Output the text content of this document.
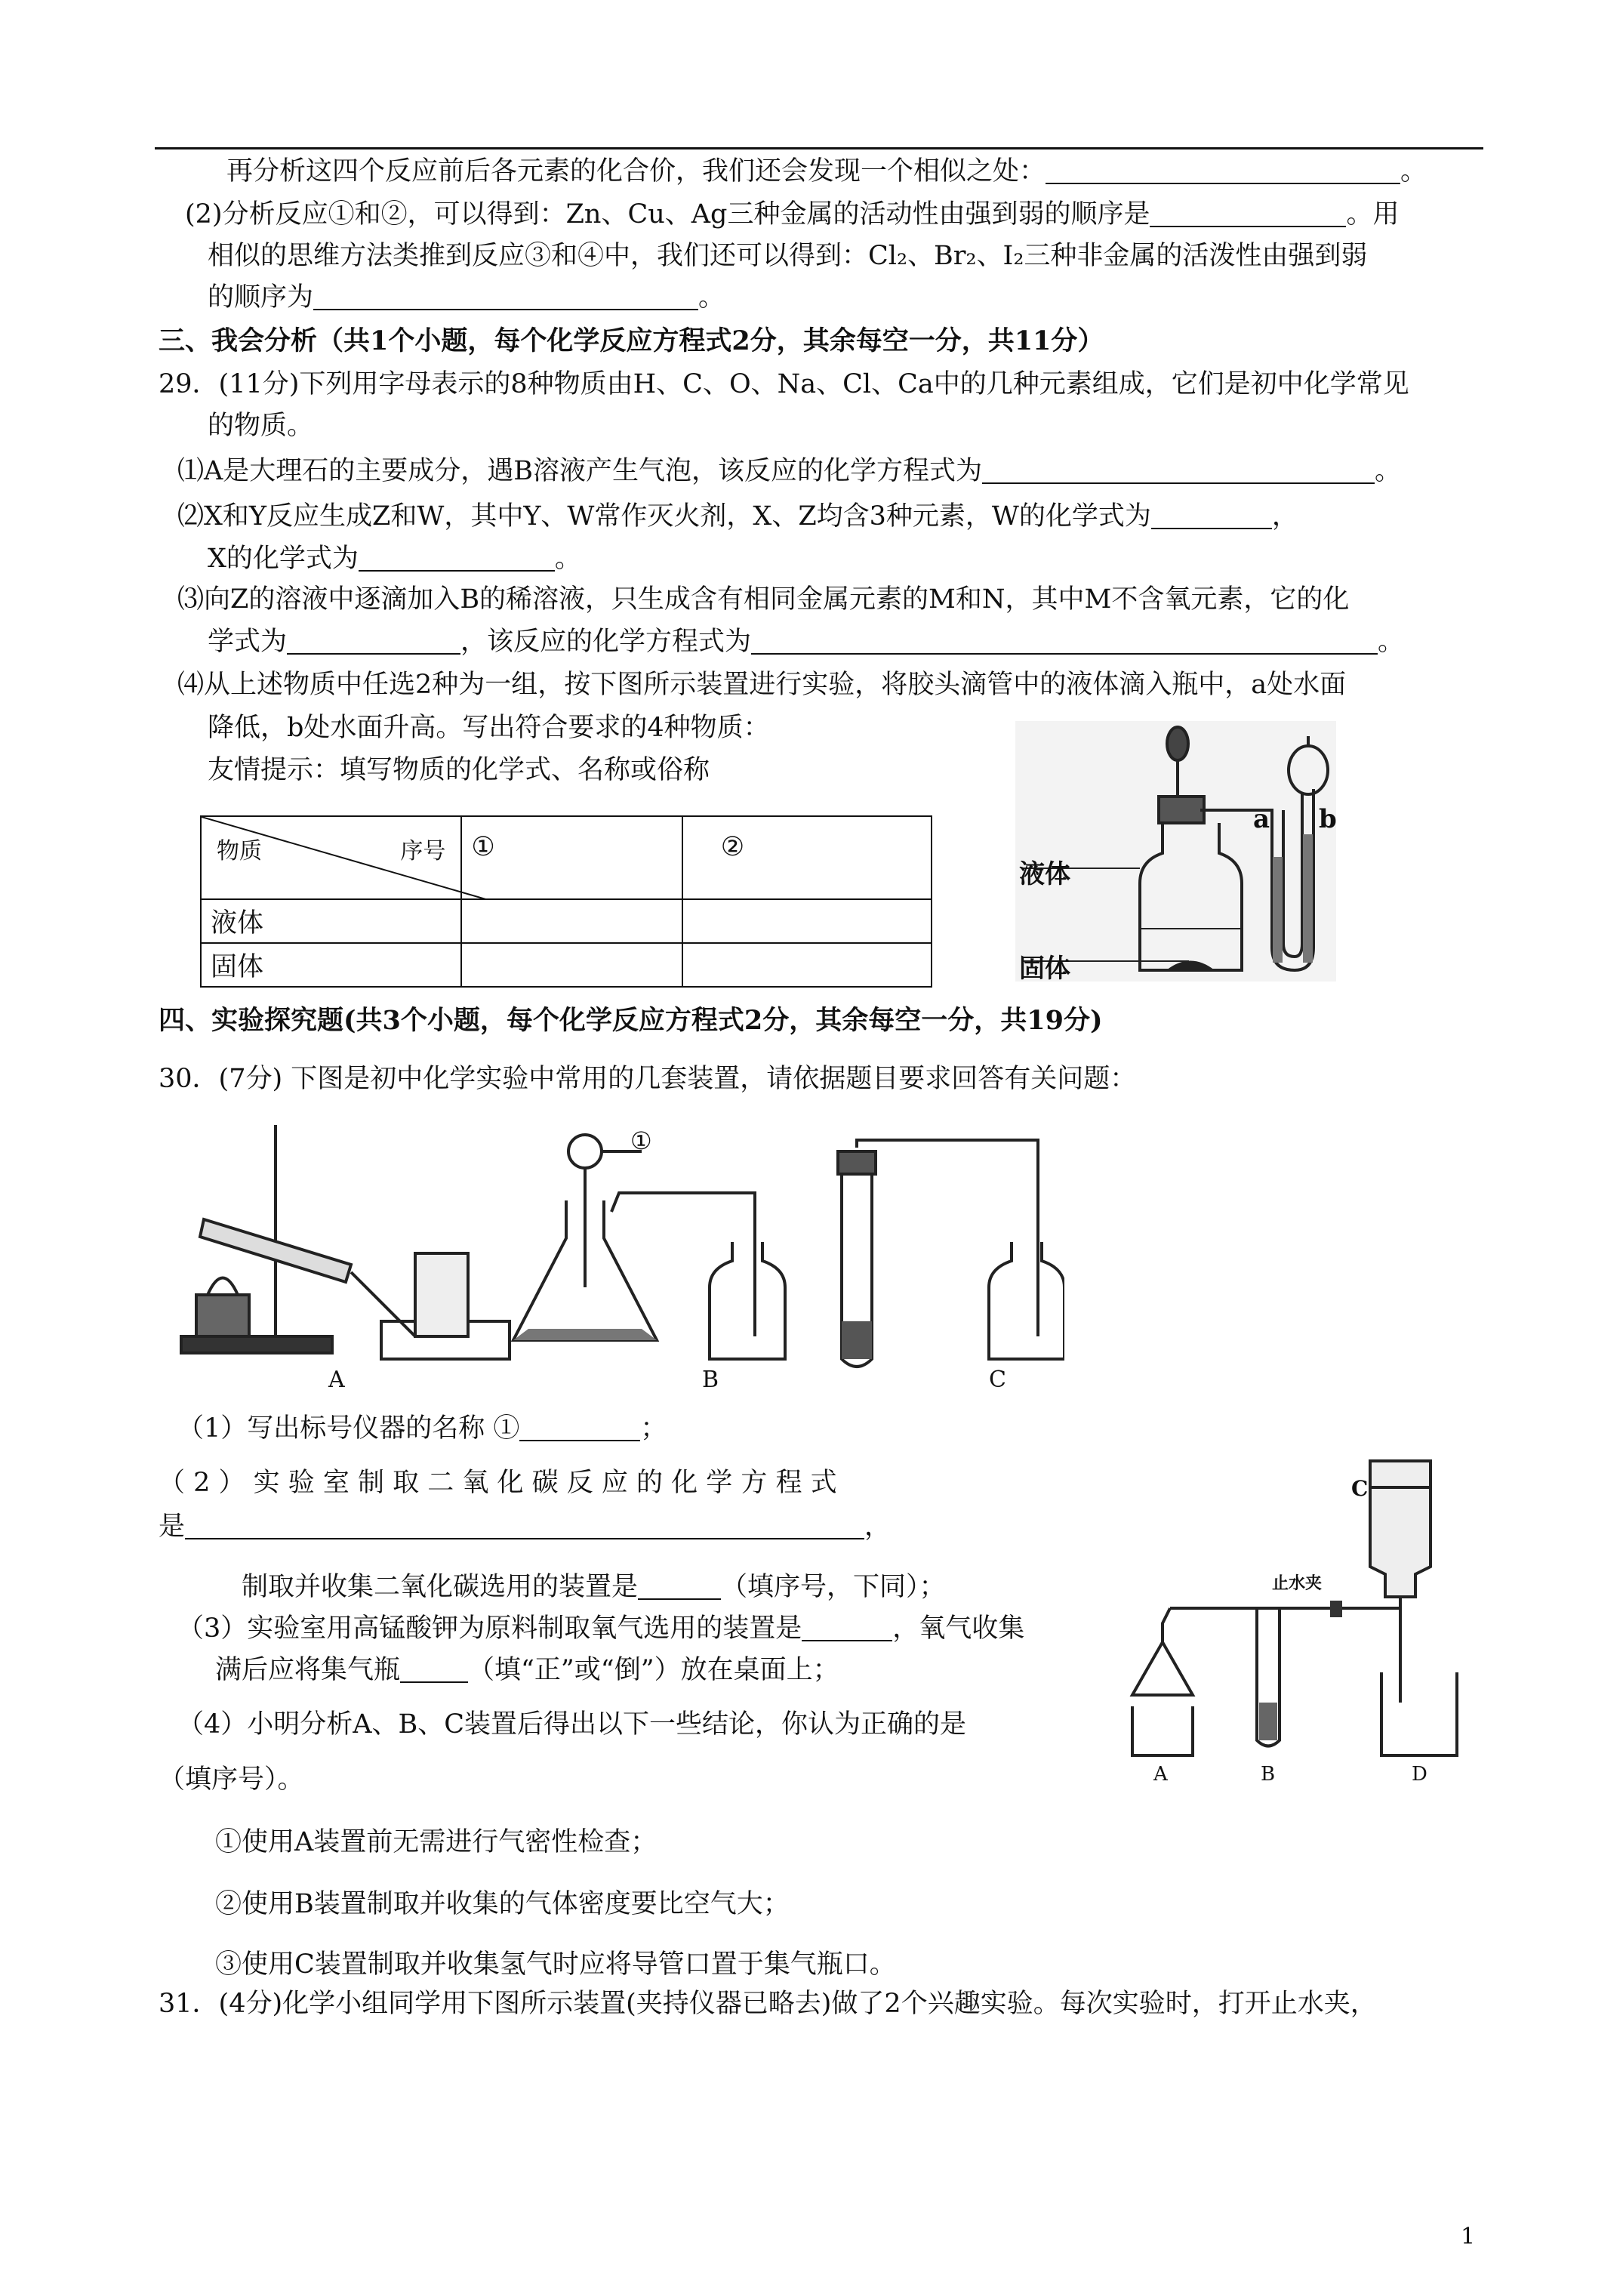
再分析这四个反应前后各元素的化合价，我们还会发现一个相似之处：	。
(2)分析反应①和②，可以得到：Zn、Cu、Ag三种金属的活动性由强到弱的顺序是	。用
相似的思维方法类推到反应③和④中，我们还可以得到：Cl₂、Br₂、I₂三种非金属的活泼性由强到弱
的顺序为	。
三、我会分析（共1个小题，每个化学反应方程式2分，其余每空一分，共11分）
29．(11分)下列用字母表示的8种物质由H、C、O、Na、Cl、Ca中的几种元素组成，它们是初中化学常见
的物质。
⑴A是大理石的主要成分，遇B溶液产生气泡，该反应的化学方程式为	。
⑵X和Y反应生成Z和W，其中Y、W常作灭火剂，X、Z均含3种元素，W的化学式为	，
X的化学式为	。
⑶向Z的溶液中逐滴加入B的稀溶液，只生成含有相同金属元素的M和N，其中M不含氧元素，它的化
学式为	，该反应的化学方程式为	。
⑷从上述物质中任选2种为一组，按下图所示装置进行实验，将胶头滴管中的液体滴入瓶中，a处水面
降低，b处水面升高。写出符合要求的4种物质：
友情提示：填写物质的化学式、名称或俗称
物质 序号	①	②
液体		
固体		
液体
固体
a b
四、实验探究题(共3个小题，每个化学反应方程式2分，其余每空一分，共19分)
30．(7分) 下图是初中化学实验中常用的几套装置，请依据题目要求回答有关问题：
①
A	B	C
（1）写出标号仪器的名称 ①	；
（ 2 ） 实 验 室 制 取 二 氧 化 碳 反 应 的 化 学 方 程 式
是	，
制取并收集二氧化碳选用的装置是	（填序号，下同）；
（3）实验室用高锰酸钾为原料制取氧气选用的装置是	，氧气收集
满后应将集气瓶	（填“正”或“倒”）放在桌面上；
（4）小明分析A、B、C装置后得出以下一些结论，你认为正确的是
（填序号）。
①使用A装置前无需进行气密性检查；
②使用B装置制取并收集的气体密度要比空气大；
③使用C装置制取并收集氢气时应将导管口置于集气瓶口。
C
止水夹
A	B	D
31．(4分)化学小组同学用下图所示装置(夹持仪器已略去)做了2个兴趣实验。每次实验时，打开止水夹，
1
